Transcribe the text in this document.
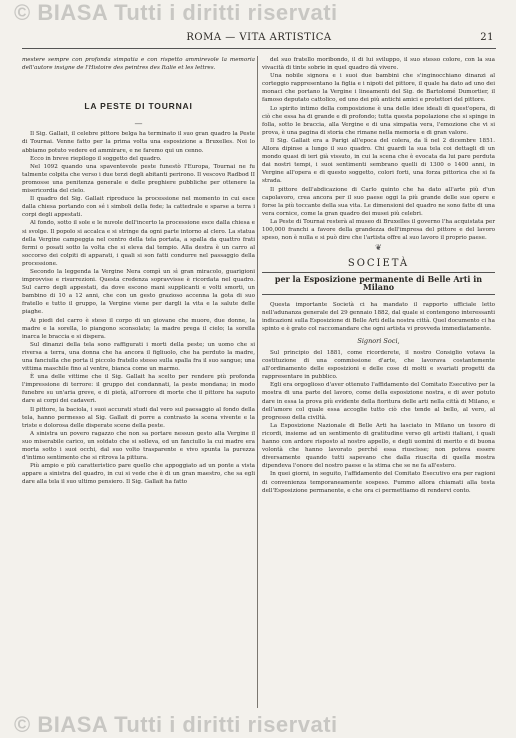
© BIASA Tutti i diritti riservati
ROMA — VITA ARTISTICA	21

mestere sempre con profonda simpatia e con rispetto ammirevole la memoria dell'autore insigne de l'Histoire des peintres des Italie et les lettres.

LA PESTE DI TOURNAI
—

Il Sig. Gallait, il celebre pittore belga ha terminato il suo gran quadro la Peste di Tournai. Venne fatto per la prima volta una esposizione a Bruxelles. Noi lo abbiamo potuto vedere ed ammirare, e ne faremo qui un cenno.

Ecco in breve riepilogo il soggetto del quadro.

Nel 1092 quando una spaventevole peste funestò l'Europa, Tournai ne fu talmente colpita che verso i due terzi degli abitanti perirono. Il vescovo Radbod II promosse una penitenza generale e delle preghiere pubbliche per ottenere la misericordia del cielo.

Il quadro del Sig. Gallait riproduce la processione nel momento in cui esce dalla chiesa portando con sé i simboli della fede; la cattedrale e sparse a terra i corpi degli appestati.

Al fondo, sotto il sole e le nuvole dell'incerto la processione esce dalla chiesa e si svolge. Il popolo si accalca e si stringe da ogni parte intorno al clero. La statua della Vergine campeggia nel centro della tela portata, a spalla da quattro frati fermi o posati sotto la volta che si eleva dal tempio. Alla destra è un carro al soccorso dei colpiti di apparati, i quali si son fatti condurre nel passaggio della processione.

Secondo la leggenda la Vergine Nera compì un sì gran miracolo, guarigioni improvvise e risurrezioni. Questa credenza sopravvisse è ricordata nel quadro. Sul carro degli appestati, da dove escono mani supplicanti e volti smorti, un bambino di 10 a 12 anni, che con un gesto grazioso accenna la gota di suo fratello e tutto il gruppo, la Vergine viene per dargli la vita e la salute delle piaghe.

Ai piedi del carro è steso il corpo di un giovane che muore, due donne, la madre e la sorella, lo piangono sconsolate; la madre prega il cielo; la sorella inarca le braccia e si dispera.

Sul dinanzi della tela sono raffigurati i morti della peste; un uomo che si riversa a terra, una donna che ha ancora il figliuolo, che ha perduto la madre, una fanciulla che porta il piccolo fratello stesso sulla spalla fra il suo sangue; una vittima maschile fino al ventre, bianca come un marmo.

È una delle vittime che il Sig. Gallait ha scelto per rendere più profonda l'impressione di terrore: il gruppo dei condannati, la peste mondana; in modo funebre su un'aria greve, e di pietà, all'orrore di morte che il pittore ha saputo dare ai corpi dei cadaveri.

Il pittore, la baciola, i suoi accurati studi dal vero sul paesaggio al fondo della tela, hanno permesso al Sig. Gallait di porre a contrasto la scena vivente e la triste e dolorosa delle disperate scene della peste.

A sinistra un povero ragazzo che non sa portare nessun gesto alla Vergine il suo miserabile carico, un soldato che si solleva, ed un fanciullo la cui madre era morta sotto i suoi occhi, dal suo volto trasparente e vivo spunta la purezza d'intimo sentimento che si ritrova la pittura.

Più ampio e più caratteristico pare quello che appoggiato ad un ponte a vista appare a sinistra del quadro, in cui si vede che è di un gran maestro, che sa egli dare alla tela il suo ultimo pensiero. Il Sig. Gallait ha fatto

del suo fratello moribondo, il di lui sviluppo, il suo stesso colore, con la sua vivacità di tinte sobrie in quel quadro dà vivere.

Una nobile signora e i suoi due bambini che s'inginocchiano dinanzi al corteggio rappresentano la figlia e i nipoti del pittore, il quale ha dato ad uno dei monaci che portano la Vergine i lineamenti del Sig. de Bartolomé Dumortier, il famoso deputato cattolico, ed uno dei più antichi amici e protettori del pittore.

Lo spirito intimo della composizione è una delle idee ideali di quest'opera, di ciò che essa ha di grande e di profondo; tutta questa popolazione che si spinge in folla, sotto le braccia, alla Vergine e di una simpatia vera, l'emozione che vi si prova, è una pagina di storia che rimane nella memoria e di gran valore.

Il Sig. Gallait era a Parigi all'epoca del colera, da lì nel 2 dicembre 1851. Allora dipinse a lungo il suo quadro. Chi guardi la sua tela coi dettagli di un mondo quasi di ieri già vissuto, in cui la scena che è evocata da lui pare perduta dai nostri tempi, i suoi sentimenti sembrano quelli di 1300 o 1400 anni, in Vergine all'opera e di questo soggetto, colori forti, una forza pittorica che si fa strada.

Il pittore dell'abdicazione di Carlo quinto che ha dato all'arte più d'un capolavoro, crea ancora per il suo paese oggi la più grande delle sue opere e forse la più toccante della sua vita. Le dimensioni del quadro ne sono fatte di una vera cornice, come la gran quadro dei musei più celebri.

La Peste di Tournai resterà al museo di Bruxelles il governo l'ha acquistata per 100,000 franchi a favore della grandezza dell'impresa del pittore e del lavoro speso, non è nulla e si può dire che l'artista offre al suo lavoro il proprio paese.

❦
SOCIETÀ
per la Esposizione permanente di Belle Arti in Milano

Questa importante Società ci ha mandato il rapporto ufficiale letto nell'adunanza generale del 29 gennaio 1882, dal quale si contengono interessanti indicazioni sulla Esposizione di Belle Arti della nostra città. Quel documento ci ha spinto e è grato col raccomandare che ogni artista vi provveda immediatamente.

Signori Soci,

Sul principio del 1881, come ricorderete, il nostro Consiglio votava la costituzione di una commissione d'arte, che lavorava costantemente all'ordinamento delle esposizioni e delle cose di molti e svariati progetti da rappresentare in pubblico.

Egli era orgoglioso d'aver ottenuto l'affidamento del Comitato Esecutivo per la mostra di una parte del lavoro, come della esposizione nostra, e di aver potuto dare in essa la prova più evidente della fioritura delle arti nella città di Milano, e dell'amore col quale essa accoglie tutto ciò che tende al bello, al vero, al progresso della civiltà.

La Esposizione Nazionale di Belle Arti ha lasciato in Milano un tesoro di ricordi, insieme ad un sentimento di gratitudine verso gli artisti italiani, i quali hanno con ardore risposto al nostro appello, e degli uomini di merito e di buona volontà che hanno lavorato perché essa riuscisse; non poteva essere diversamente quando tutti sapevano che dalla riuscita di quella mostra dipendeva l'onore del nostro paese e la stima che se ne fa all'estero.

In quei giorni, in seguito, l'affidamento del Comitato Esecutivo era per ragioni di convenienza temporaneamente sospeso. Fummo allora chiamati alla testa dell'Esposizione permanente, e che ora ci permettiamo di rendervi conto.

© BIASA Tutti i diritti riservati
